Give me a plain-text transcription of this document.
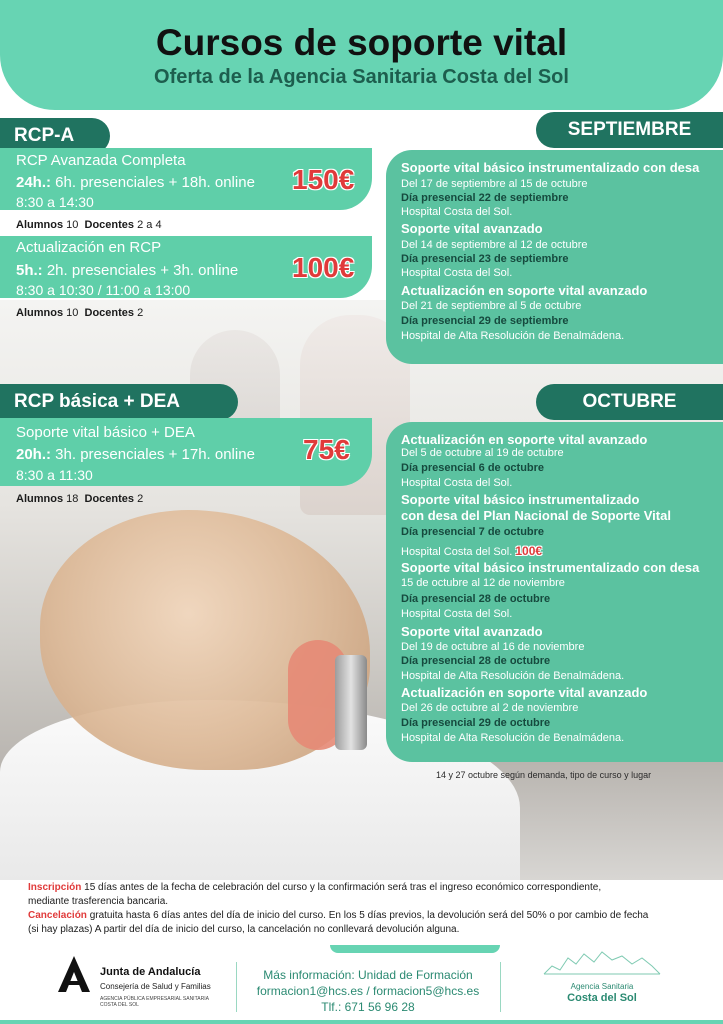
Cursos de soporte vital
Oferta de la Agencia Sanitaria Costa del Sol
RCP-A
RCP Avanzada Completa
24h.: 6h. presenciales + 18h. online
8:30 a 14:30
150€
Alumnos 10 Docentes 2 a 4
Actualización en RCP
5h.: 2h. presenciales + 3h. online
8:30 a 10:30 / 11:00 a 13:00
100€
Alumnos 10 Docentes 2
RCP básica + DEA
Soporte vital básico + DEA
20h.: 3h. presenciales + 17h. online
8:30 a 11:30
75€
Alumnos 18 Docentes 2
SEPTIEMBRE
Soporte vital básico instrumentalizado con desa
Del 17 de septiembre al 15 de octubre
Día presencial 22 de septiembre
Hospital Costa del Sol.
Soporte vital avanzado
Del 14 de septiembre al 12 de octubre
Día presencial 23 de septiembre
Hospital Costa del Sol.
Actualización en soporte vital avanzado
Del 21 de septiembre al 5 de octubre
Día presencial 29 de septiembre
Hospital de Alta Resolución de Benalmádena.
OCTUBRE
Actualización en soporte vital avanzado
Del 5 de octubre al 19 de octubre
Día presencial 6 de octubre
Hospital Costa del Sol.
Soporte vital básico instrumentalizado
con desa del Plan Nacional de Soporte Vital
Día presencial 7 de octubre
Hospital Costa del Sol. 100€
Soporte vital básico instrumentalizado con desa
15 de octubre al 12 de noviembre
Día presencial 28 de octubre
Hospital Costa del Sol.
Soporte vital avanzado
Del 19 de octubre al 16 de noviembre
Día presencial 28 de octubre
Hospital de Alta Resolución de Benalmádena.
Actualización en soporte vital avanzado
Del 26 de octubre al 2 de noviembre
Día presencial 29 de octubre
Hospital de Alta Resolución de Benalmádena.
14 y 27 octubre según demanda, tipo de curso y lugar
Inscripción 15 días antes de la fecha de celebración del curso y la confirmación será tras el ingreso económico correspondiente,
mediante trasferencia bancaria.
Cancelación gratuita hasta 6 días antes del día de inicio del curso. En los 5 días previos, la devolución será del 50% o por cambio de fecha
(si hay plazas) A partir del día de inicio del curso, la cancelación no conllevará devolución alguna.
Junta de Andalucía
Consejería de Salud y Familias
AGENCIA PÚBLICA EMPRESARIAL SANITARIA COSTA DEL SOL
Más información: Unidad de Formación
formacion1@hcs.es / formacion5@hcs.es
Tlf.: 671 56 96 28
Agencia Sanitaria
Costa del Sol
